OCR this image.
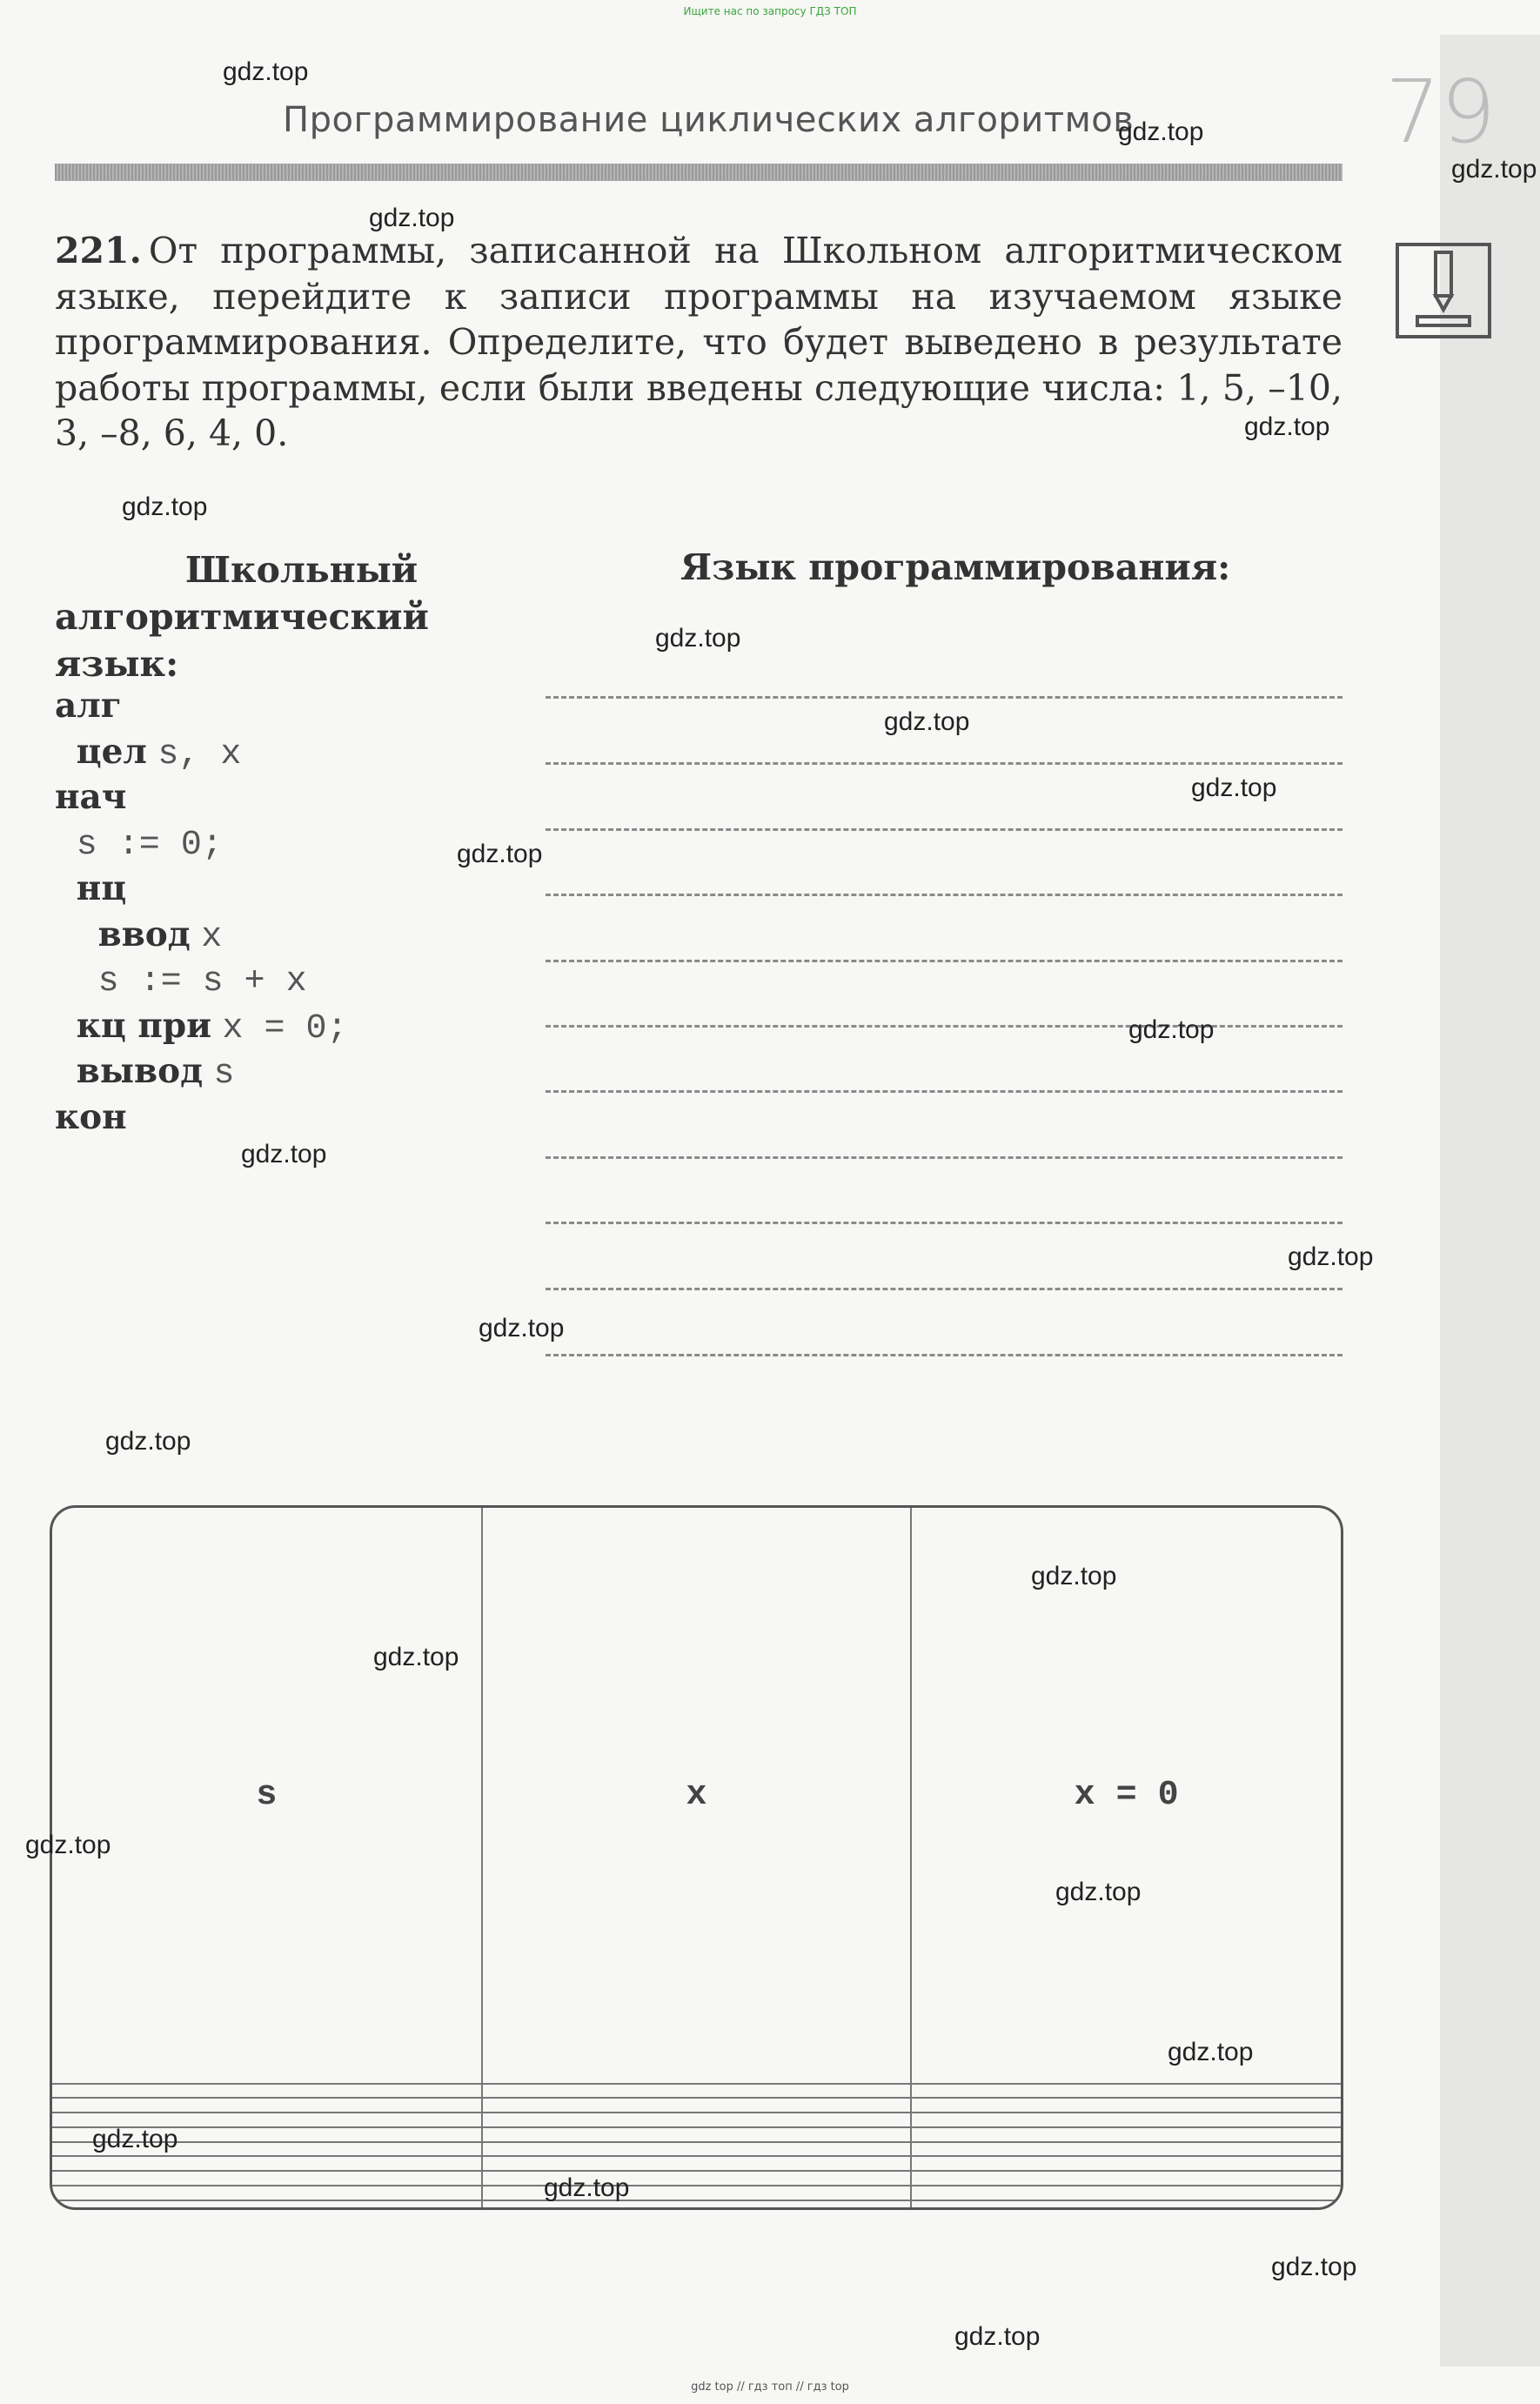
Ищите нас по запросу ГДЗ ТОП
Программирование циклических алгоритмов	79
221. От программы, записанной на Школьном алгоритмическом языке, перейдите к записи программы на изучаемом языке программирования. Определите, что будет выведено в результате работы программы, если были введены следующие числа: 1, 5, –10, 3, –8, 6, 4, 0.
Школьный
алгоритмический язык:
Язык программирования:
алг
цел s, x
нач
s := 0;
нц
ввод x
s := s + x
кц при x = 0;
вывод s
кон
s	x	x = 0

gdz.top
gdz.top
gdz.top
gdz.top
gdz.top
gdz.top
gdz.top
gdz.top
gdz.top
gdz.top
gdz.top
gdz.top
gdz.top
gdz.top
gdz.top
gdz.top
gdz.top
gdz.top
gdz.top
gdz.top
gdz.top
gdz.top
gdz.top
gdz.top
gdz top // гдз топ // гдз top
